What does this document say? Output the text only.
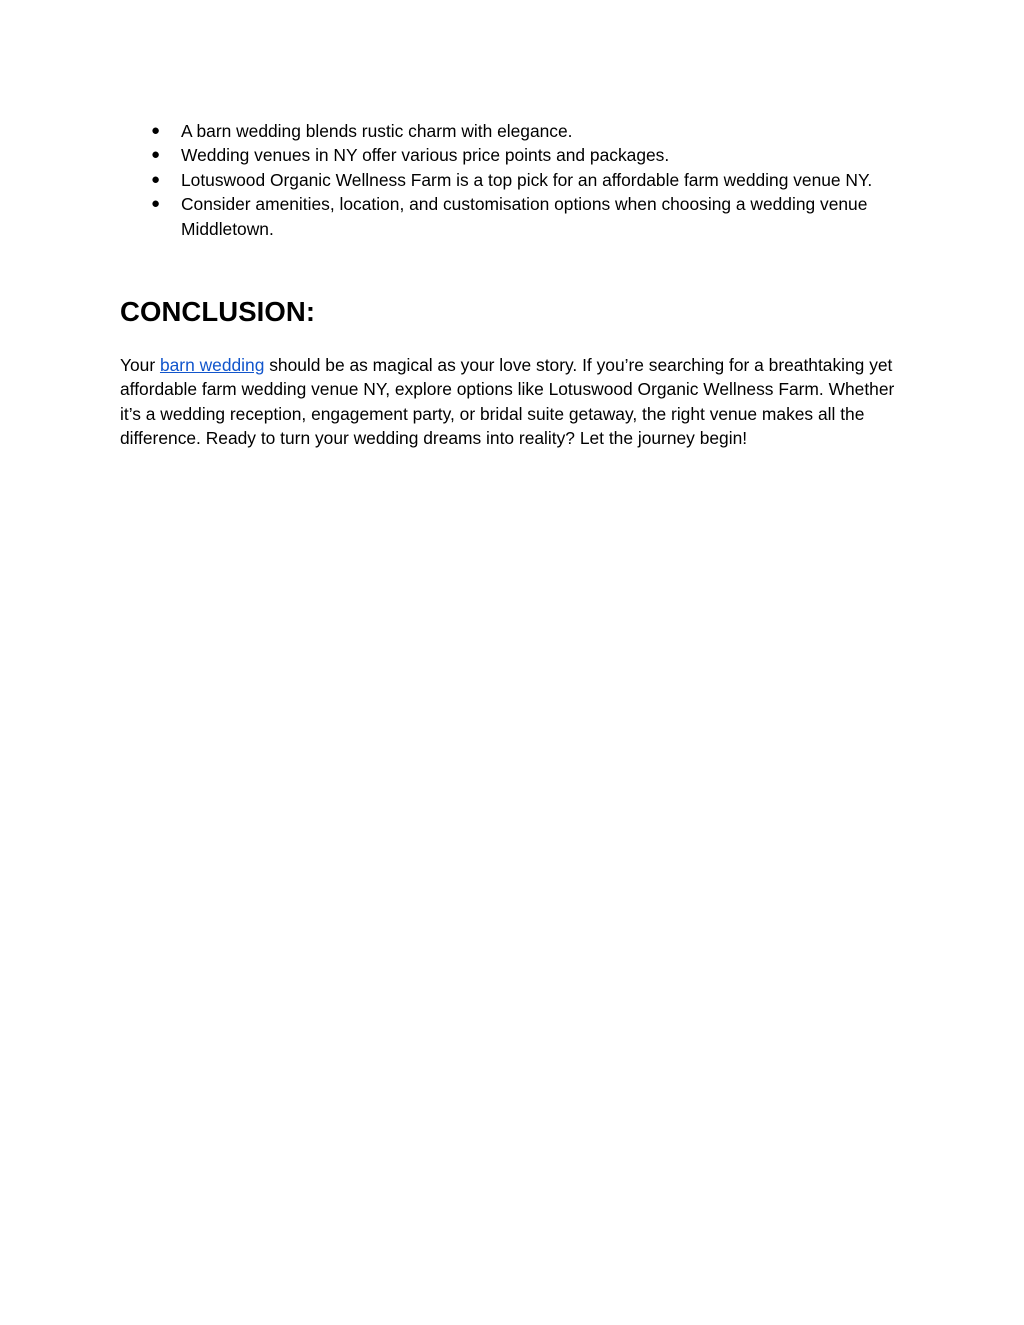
● A barn wedding blends rustic charm with elegance.
● Wedding venues in NY offer various price points and packages.
● Lotuswood Organic Wellness Farm is a top pick for an affordable farm wedding venue NY.
● Consider amenities, location, and customisation options when choosing a wedding venue Middletown.
CONCLUSION:

Your barn wedding should be as magical as your love story. If you’re searching for a breathtaking yet affordable farm wedding venue NY, explore options like Lotuswood Organic Wellness Farm. Whether it’s a wedding reception, engagement party, or bridal suite getaway, the right venue makes all the difference. Ready to turn your wedding dreams into reality? Let the journey begin!
